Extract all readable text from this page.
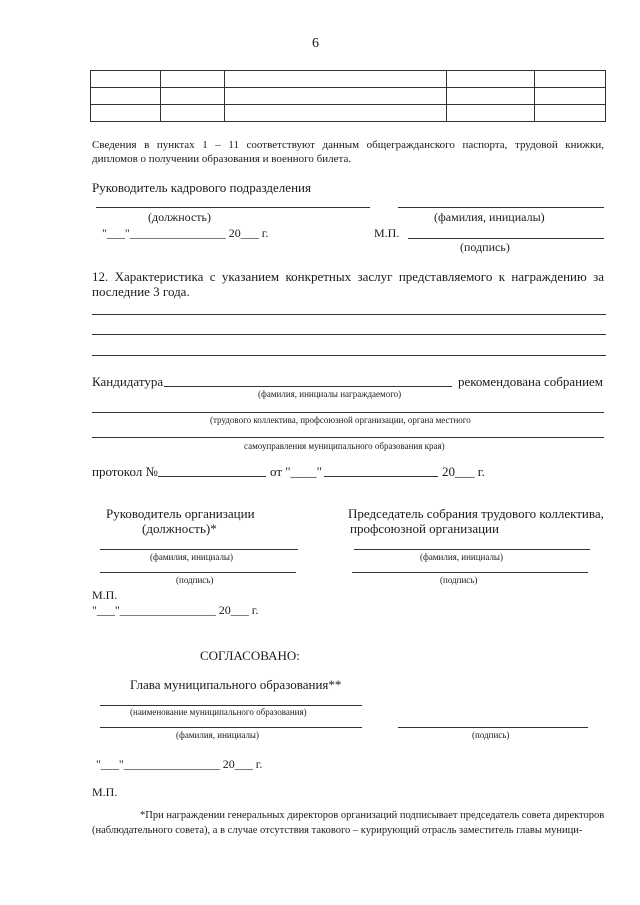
6

Сведения в пунктах 1 – 11 соответствуют данным общегражданского паспорта, трудовой книжки,
дипломов о получении образования и военного билета.
Руководитель кадрового подразделения
(должность)	(фамилия, инициалы)
"___"________________ 20___ г.	М.П.
(подпись)
12. Характеристика с указанием конкретных заслуг представляемого к награждению за
последние 3 года.
Кандидатура	рекомендована собранием
(фамилия, инициалы награждаемого)
(трудового коллектива, профсоюзной организации, органа местного
самоуправления муниципального образования края)
протокол №	от "____"	20___ г.
Руководитель организации
(должность)*
(фамилия, инициалы)
(подпись)
М.П.
"___"________________ 20___ г.
Председатель собрания трудового коллектива,
профсоюзной организации
(фамилия, инициалы)
(подпись)
СОГЛАСОВАНО:
Глава муниципального образования**
(наименование муниципального образования)
(фамилия, инициалы)	(подпись)
"___"________________ 20___ г.
М.П.
*При награждении генеральных директоров организаций подписывает председатель совета директоров
(наблюдательного совета), а в случае отсутствия такового – курирующий отрасль заместитель главы муници-
